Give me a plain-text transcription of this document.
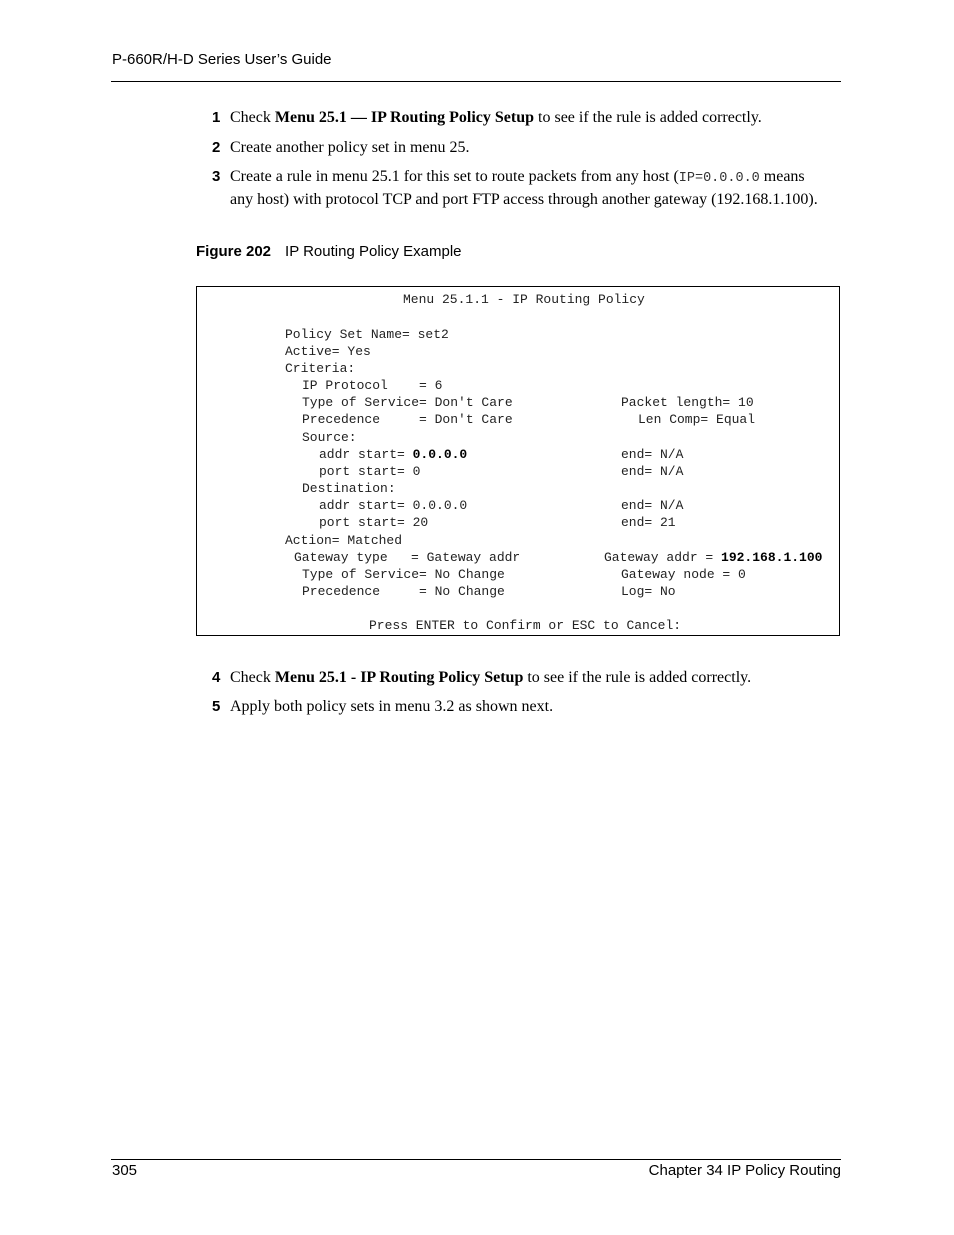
P-660R/H-D Series User’s Guide
1 Check Menu 25.1 — IP Routing Policy Setup to see if the rule is added correctly.
2 Create another policy set in menu 25.
3 Create a rule in menu 25.1 for this set to route packets from any host (IP=0.0.0.0 means any host) with protocol TCP and port FTP access through another gateway (192.168.1.100).
Figure 202 IP Routing Policy Example
Menu 25.1.1 - IP Routing Policy
Policy Set Name= set2
Active= Yes
Criteria:
IP Protocol    = 6
Type of Service= Don't Care	Packet length= 10
Precedence     = Don't Care	Len Comp= Equal
Source:
addr start= 0.0.0.0	end= N/A
port start= 0	end= N/A
Destination:
addr start= 0.0.0.0	end= N/A
port start= 20	end= 21
Action= Matched
Gateway type   = Gateway addr	Gateway addr = 192.168.1.100
Type of Service= No Change	Gateway node = 0
Precedence     = No Change	Log= No
Press ENTER to Confirm or ESC to Cancel:
4 Check Menu 25.1 - IP Routing Policy Setup to see if the rule is added correctly.
5 Apply both policy sets in menu 3.2 as shown next.
305	Chapter 34 IP Policy Routing
